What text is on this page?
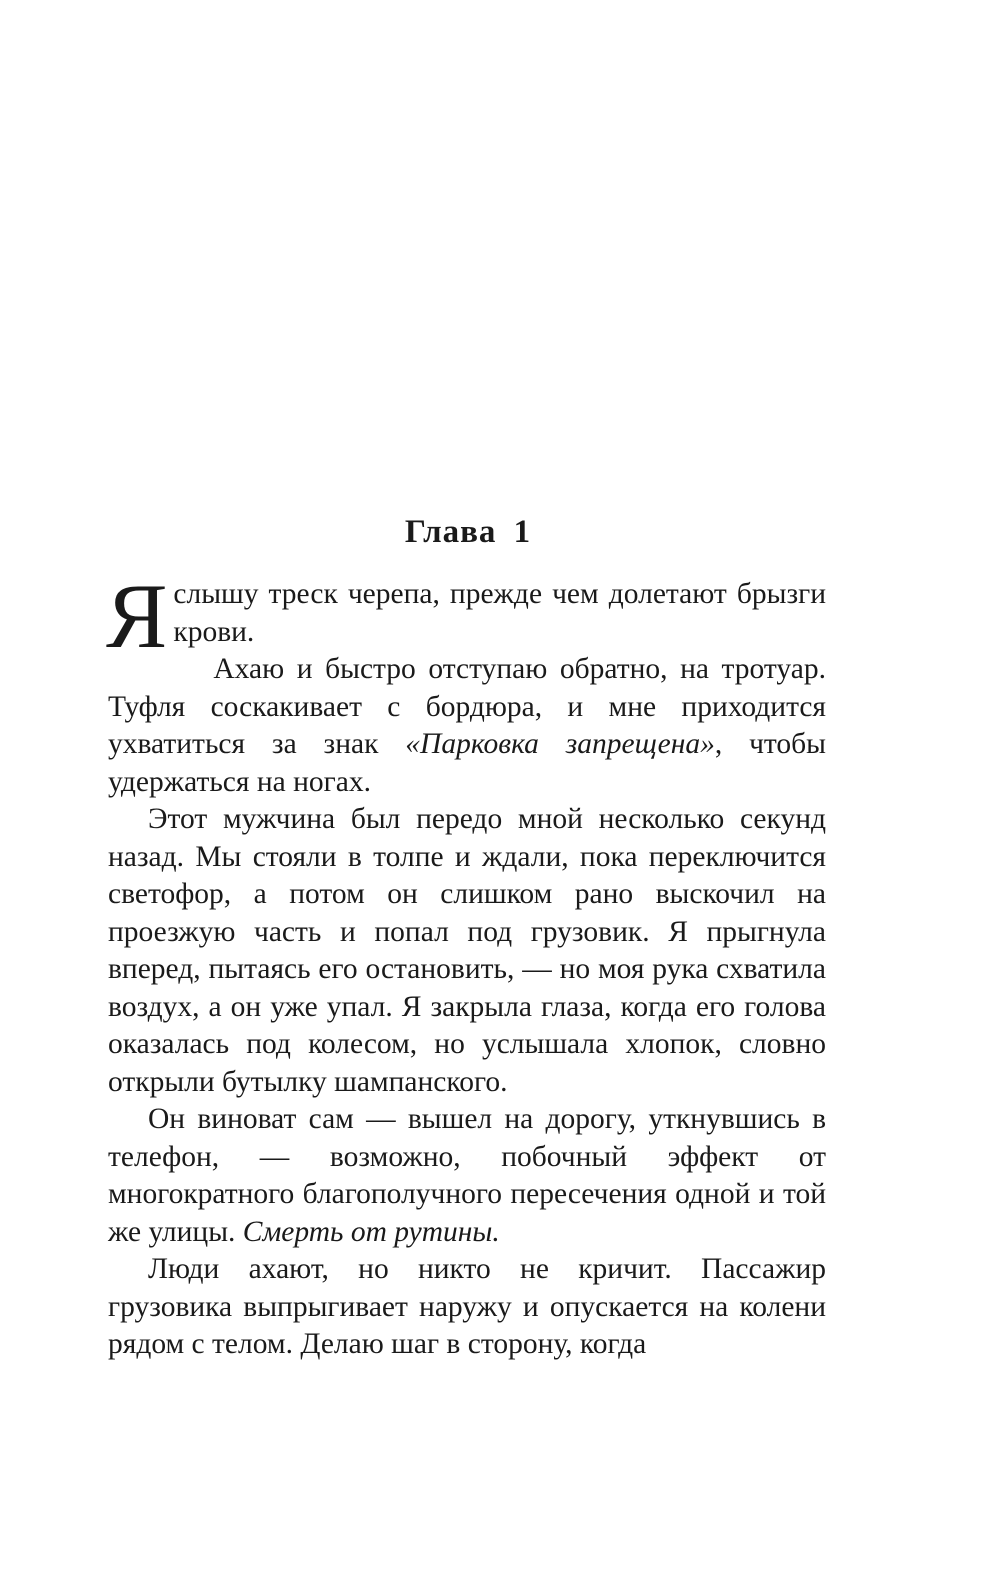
Глава 1

Яслышу треск черепа, прежде чем долетают брызги крови.

Ахаю и быстро отступаю обратно, на тротуар. Туфля соскакивает с бордюра, и мне приходится ухватиться за знак «Парковка запрещена», чтобы удержаться на ногах.

Этот мужчина был передо мной несколько секунд назад. Мы стояли в толпе и ждали, пока переключится светофор, а потом он слишком рано выскочил на проезжую часть и попал под грузовик. Я прыгнула вперед, пытаясь его остановить, — но моя рука схватила воздух, а он уже упал. Я закрыла глаза, когда его голова оказалась под колесом, но услышала хлопок, словно открыли бутылку шампанского.

Он виноват сам — вышел на дорогу, уткнувшись в телефон, — возможно, побочный эффект от многократного благополучного пересечения одной и той же улицы. Смерть от рутины.

Люди ахают, но никто не кричит. Пассажир грузовика выпрыгивает наружу и опускается на колени рядом с телом. Делаю шаг в сторону, когда
